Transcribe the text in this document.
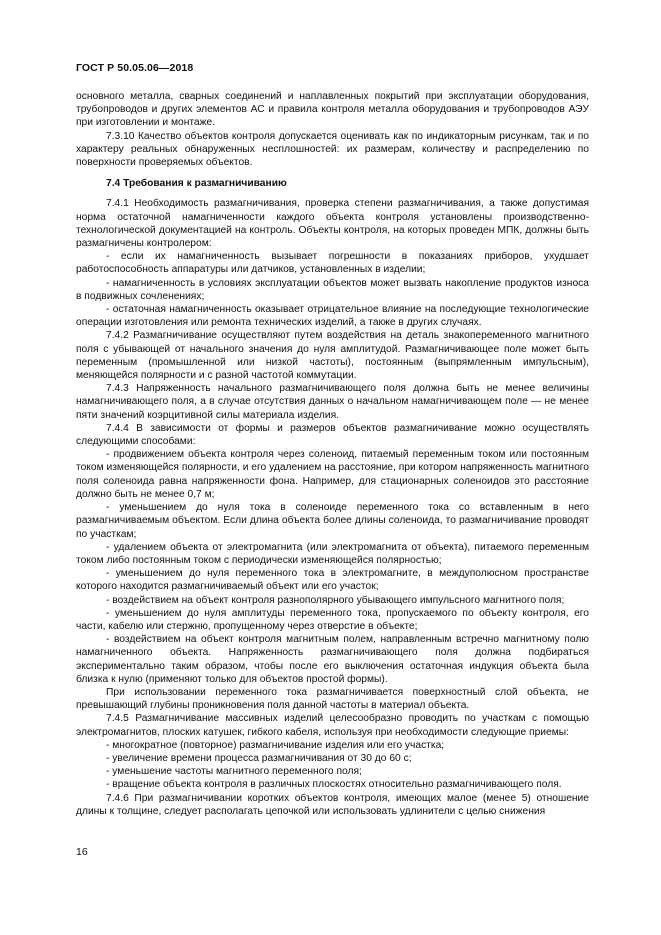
ГОСТ Р 50.05.06—2018

основного металла, сварных соединений и наплавленных покрытий при эксплуатации оборудования, трубопроводов и других элементов АС и правила контроля металла оборудования и трубопроводов АЭУ при изготовлении и монтаже.

7.3.10 Качество объектов контроля допускается оценивать как по индикаторным рисункам, так и по характеру реальных обнаруженных несплошностей: их размерам, количеству и распределению по поверхности проверяемых объектов.

7.4 Требования к размагничиванию

7.4.1 Необходимость размагничивания, проверка степени размагничивания, а также допустимая норма остаточной намагниченности каждого объекта контроля установлены производственно-технологической документацией на контроль. Объекты контроля, на которых проведен МПК, должны быть размагничены контролером:

- если их намагниченность вызывает погрешности в показаниях приборов, ухудшает работоспособность аппаратуры или датчиков, установленных в изделии;

- намагниченность в условиях эксплуатации объектов может вызвать накопление продуктов износа в подвижных сочленениях;

- остаточная намагниченность оказывает отрицательное влияние на последующие технологические операции изготовления или ремонта технических изделий, а также в других случаях.

7.4.2 Размагничивание осуществляют путем воздействия на деталь знакопеременного магнитного поля с убывающей от начального значения до нуля амплитудой. Размагничивающее поле может быть переменным (промышленной или низкой частоты), постоянным (выпрямленным импульсным), меняющейся полярности и с разной частотой коммутации.

7.4.3 Напряженность начального размагничивающего поля должна быть не менее величины намагничивающего поля, а в случае отсутствия данных о начальном намагничивающем поле — не менее пяти значений коэрцитивной силы материала изделия.

7.4.4 В зависимости от формы и размеров объектов размагничивание можно осуществлять следующими способами:

- продвижением объекта контроля через соленоид, питаемый переменным током или постоянным током изменяющейся полярности, и его удалением на расстояние, при котором напряженность магнитного поля соленоида равна напряженности фона. Например, для стационарных соленоидов это расстояние должно быть не менее 0,7 м;

- уменьшением до нуля тока в соленоиде переменного тока со вставленным в него размагничиваемым объектом. Если длина объекта более длины соленоида, то размагничивание проводят по участкам;

- удалением объекта от электромагнита (или электромагнита от объекта), питаемого переменным током либо постоянным током с периодически изменяющейся полярностью;

- уменьшением до нуля переменного тока в электромагните, в междуполюсном пространстве которого находится размагничиваемый объект или его участок;

- воздействием на объект контроля разнополярного убывающего импульсного магнитного поля;

- уменьшением до нуля амплитуды переменного тока, пропускаемого по объекту контроля, его части, кабелю или стержню, пропущенному через отверстие в объекте;

- воздействием на объект контроля магнитным полем, направленным встречно магнитному полю намагниченного объекта. Напряженность размагничивающего поля должна подбираться экспериментально таким образом, чтобы после его выключения остаточная индукция объекта была близка к нулю (применяют только для объектов простой формы).

При использовании переменного тока размагничивается поверхностный слой объекта, не превышающий глубины проникновения поля данной частоты в материал объекта.

7.4.5 Размагничивание массивных изделий целесообразно проводить по участкам с помощью электромагнитов, плоских катушек, гибкого кабеля, используя при необходимости следующие приемы:

- многократное (повторное) размагничивание изделия или его участка;

- увеличение времени процесса размагничивания от 30 до 60 с;

- уменьшение частоты магнитного переменного поля;

- вращение объекта контроля в различных плоскостях относительно размагничивающего поля.

7.4.6 При размагничивании коротких объектов контроля, имеющих малое (менее 5) отношение длины к толщине, следует располагать цепочкой или использовать удлинители с целью снижения

16
